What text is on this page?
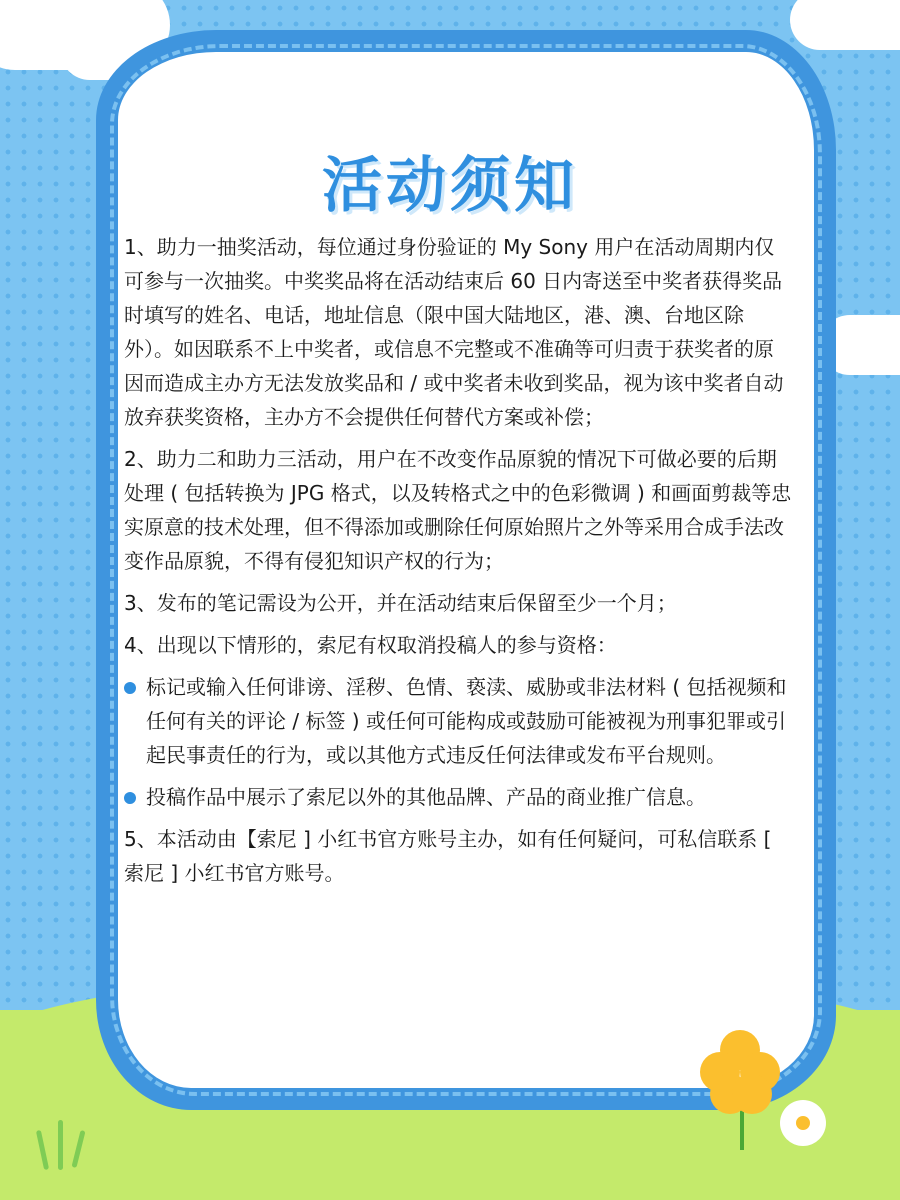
活动须知

1、助力一抽奖活动，每位通过身份验证的 My Sony 用户在活动周期内仅可参与一次抽奖。中奖奖品将在活动结束后 60 日内寄送至中奖者获得奖品时填写的姓名、电话，地址信息（限中国大陆地区，港、澳、台地区除外）。如因联系不上中奖者，或信息不完整或不准确等可归责于获奖者的原因而造成主办方无法发放奖品和 / 或中奖者未收到奖品，视为该中奖者自动放弃获奖资格，主办方不会提供任何替代方案或补偿；

2、助力二和助力三活动，用户在不改变作品原貌的情况下可做必要的后期处理 ( 包括转换为 JPG 格式，以及转格式之中的色彩微调 ) 和画面剪裁等忠实原意的技术处理，但不得添加或删除任何原始照片之外等采用合成手法改变作品原貌，不得有侵犯知识产权的行为；

3、发布的笔记需设为公开，并在活动结束后保留至少一个月；

4、出现以下情形的，索尼有权取消投稿人的参与资格：

标记或输入任何诽谤、淫秽、色情、亵渎、威胁或非法材料 ( 包括视频和任何有关的评论 / 标签 ) 或任何可能构成或鼓励可能被视为刑事犯罪或引起民事责任的行为，或以其他方式违反任何法律或发布平台规则。

投稿作品中展示了索尼以外的其他品牌、产品的商业推广信息。

5、本活动由【索尼 ] 小红书官方账号主办，如有任何疑问，可私信联系 [ 索尼 ] 小红书官方账号。
